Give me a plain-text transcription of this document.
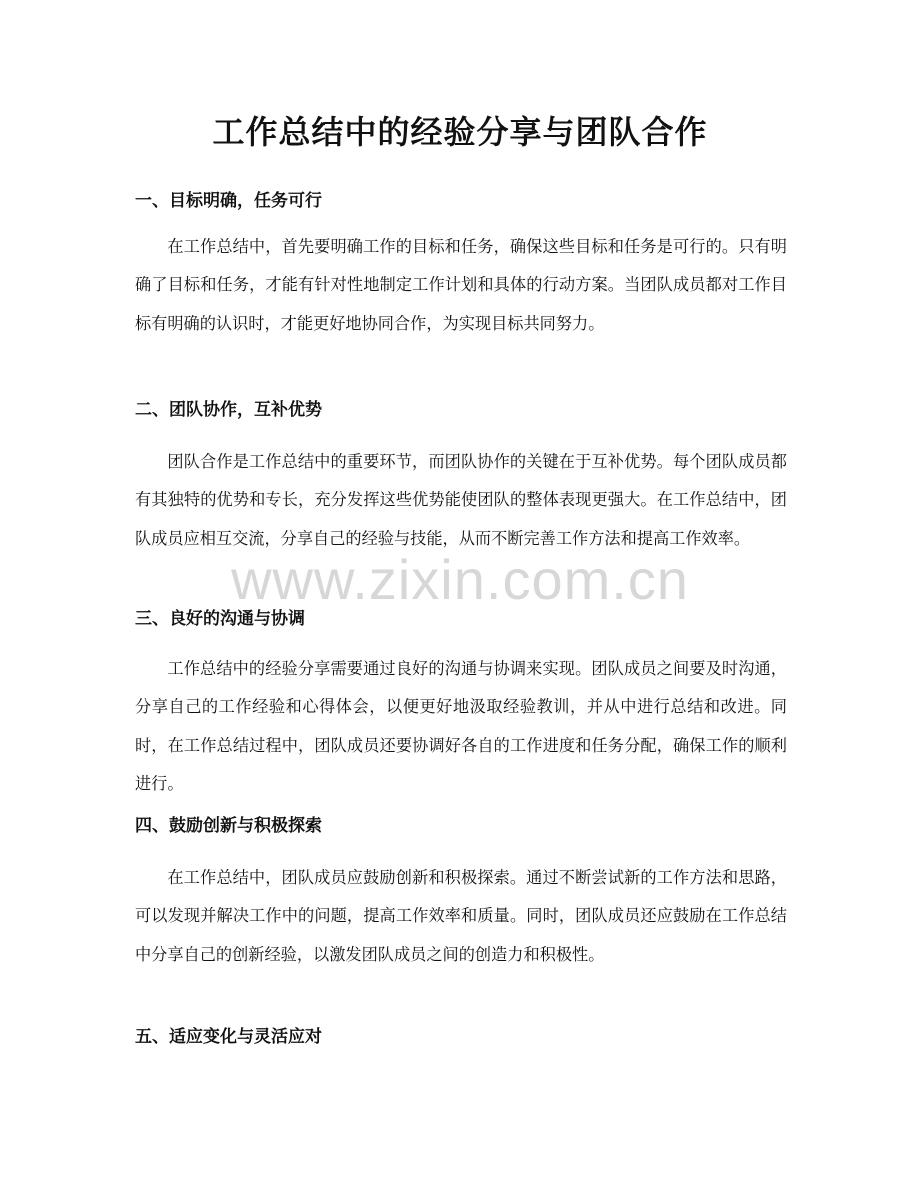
工作总结中的经验分享与团队合作
一、目标明确，任务可行

在工作总结中，首先要明确工作的目标和任务，确保这些目标和任务是可行的。只有明确了目标和任务，才能有针对性地制定工作计划和具体的行动方案。当团队成员都对工作目标有明确的认识时，才能更好地协同合作，为实现目标共同努力。

二、团队协作，互补优势

团队合作是工作总结中的重要环节，而团队协作的关键在于互补优势。每个团队成员都有其独特的优势和专长，充分发挥这些优势能使团队的整体表现更强大。在工作总结中，团队成员应相互交流，分享自己的经验与技能，从而不断完善工作方法和提高工作效率。

三、良好的沟通与协调

工作总结中的经验分享需要通过良好的沟通与协调来实现。团队成员之间要及时沟通，分享自己的工作经验和心得体会，以便更好地汲取经验教训，并从中进行总结和改进。同时，在工作总结过程中，团队成员还要协调好各自的工作进度和任务分配，确保工作的顺利进行。

四、鼓励创新与积极探索

在工作总结中，团队成员应鼓励创新和积极探索。通过不断尝试新的工作方法和思路，可以发现并解决工作中的问题，提高工作效率和质量。同时，团队成员还应鼓励在工作总结中分享自己的创新经验，以激发团队成员之间的创造力和积极性。

五、适应变化与灵活应对
www.zixin.com.cn
